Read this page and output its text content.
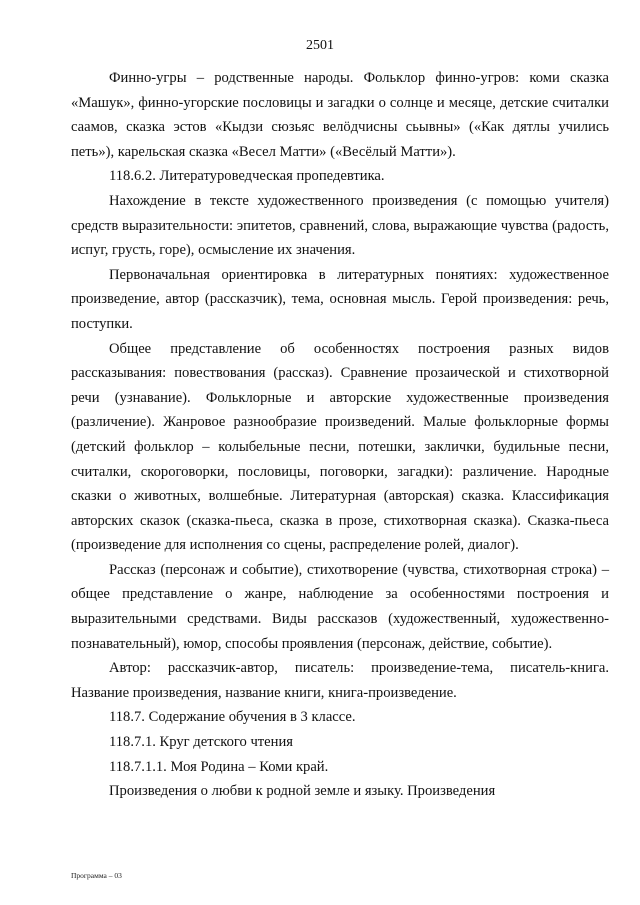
2501

Финно-угры – родственные народы. Фольклор финно-угров: коми сказка «Машук», финно-угорские пословицы и загадки о солнце и месяце, детские считалки саамов, сказка эстов «Кыдзи сюзьяс велӧдчисны сьывны» («Как дятлы учились петь»), карельская сказка «Весел Матти» («Весёлый Матти»).

118.6.2. Литературоведческая пропедевтика.

Нахождение в тексте художественного произведения (с помощью учителя) средств выразительности: эпитетов, сравнений, слова, выражающие чувства (радость, испуг, грусть, горе), осмысление их значения.

Первоначальная ориентировка в литературных понятиях: художественное произведение, автор (рассказчик), тема, основная мысль. Герой произведения: речь, поступки.

Общее представление об особенностях построения разных видов рассказывания: повествования (рассказ). Сравнение прозаической и стихотворной речи (узнавание). Фольклорные и авторские художественные произведения (различение). Жанровое разнообразие произведений. Малые фольклорные формы (детский фольклор – колыбельные песни, потешки, заклички, будильные песни, считалки, скороговорки, пословицы, поговорки, загадки): различение. Народные сказки о животных, волшебные. Литературная (авторская) сказка. Классификация авторских сказок (сказка-пьеса, сказка в прозе, стихотворная сказка). Сказка-пьеса (произведение для исполнения со сцены, распределение ролей, диалог).

Рассказ (персонаж и событие), стихотворение (чувства, стихотворная строка) – общее представление о жанре, наблюдение за особенностями построения и выразительными средствами. Виды рассказов (художественный, художественно-познавательный), юмор, способы проявления (персонаж, действие, событие).

Автор: рассказчик-автор, писатель: произведение-тема, писатель-книга. Название произведения, название книги, книга-произведение.

118.7. Содержание обучения в 3 классе.

118.7.1. Круг детского чтения

118.7.1.1. Моя Родина – Коми край.

Произведения о любви к родной земле и языку. Произведения

Программа – 03
